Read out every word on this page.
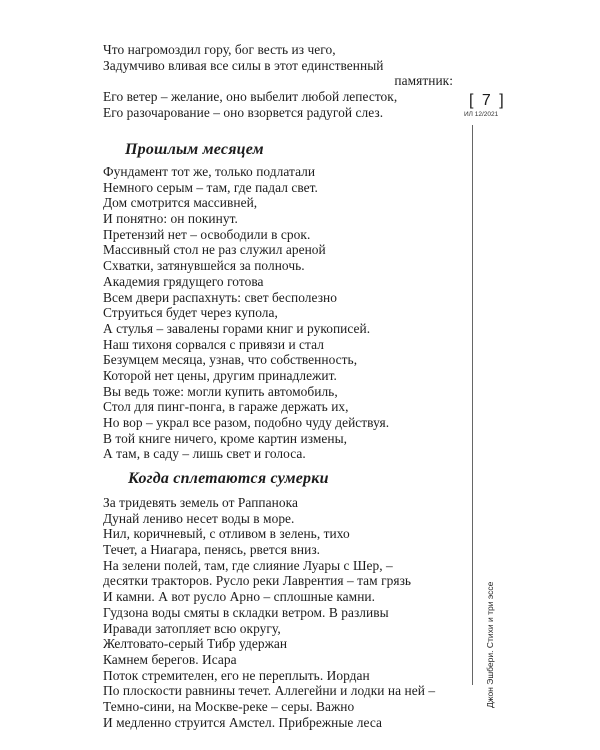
Что нагромоздил гору, бог весть из чего,

Задумчиво вливая все силы в этот единственный

памятник:

Его ветер – желание, оно выбелит любой лепесток,

Его разочарование – оно взорвется радугой слез.

[ 7 ]
ИЛ 12/2021
Прошлым месяцем

Фундамент тот же, только подлатали

Немного серым – там, где падал свет.

Дом смотрится массивней,

И понятно: он покинут.

Претензий нет – освободили в срок.

Массивный стол не раз служил ареной

Схватки, затянувшейся за полночь.

Академия грядущего готова

Всем двери распахнуть: свет бесполезно

Струиться будет через купола,

А стулья – завалены горами книг и рукописей.

Наш тихоня сорвался с привязи и стал

Безумцем месяца, узнав, что собственность,

Которой нет цены, другим принадлежит.

Вы ведь тоже: могли купить автомобиль,

Стол для пинг-понга, в гараже держать их,

Но вор – украл все разом, подобно чуду действуя.

В той книге ничего, кроме картин измены,

А там, в саду – лишь свет и голоса.

Когда сплетаются сумерки

За тридевять земель от Раппанока

Дунай лениво несет воды в море.

Нил, коричневый, с отливом в зелень, тихо

Течет, а Ниагара, пенясь, рвется вниз.

На зелени полей, там, где слияние Луары с Шер, –

десятки тракторов. Русло реки Лаврентия – там грязь

И камни. А вот русло Арно – сплошные камни.

Гудзона воды смяты в складки ветром. В разливы

Иравади затопляет всю округу,

Желтовато-серый Тибр удержан

Камнем берегов. Исара

Поток стремителен, его не переплыть. Иордан

По плоскости равнины течет. Аллегейни и лодки на ней –

Темно-сини, на Москве-реке – серы. Важно

И медленно струится Амстел. Прибрежные леса

Джон Эшбери. Стихи и три эссе
